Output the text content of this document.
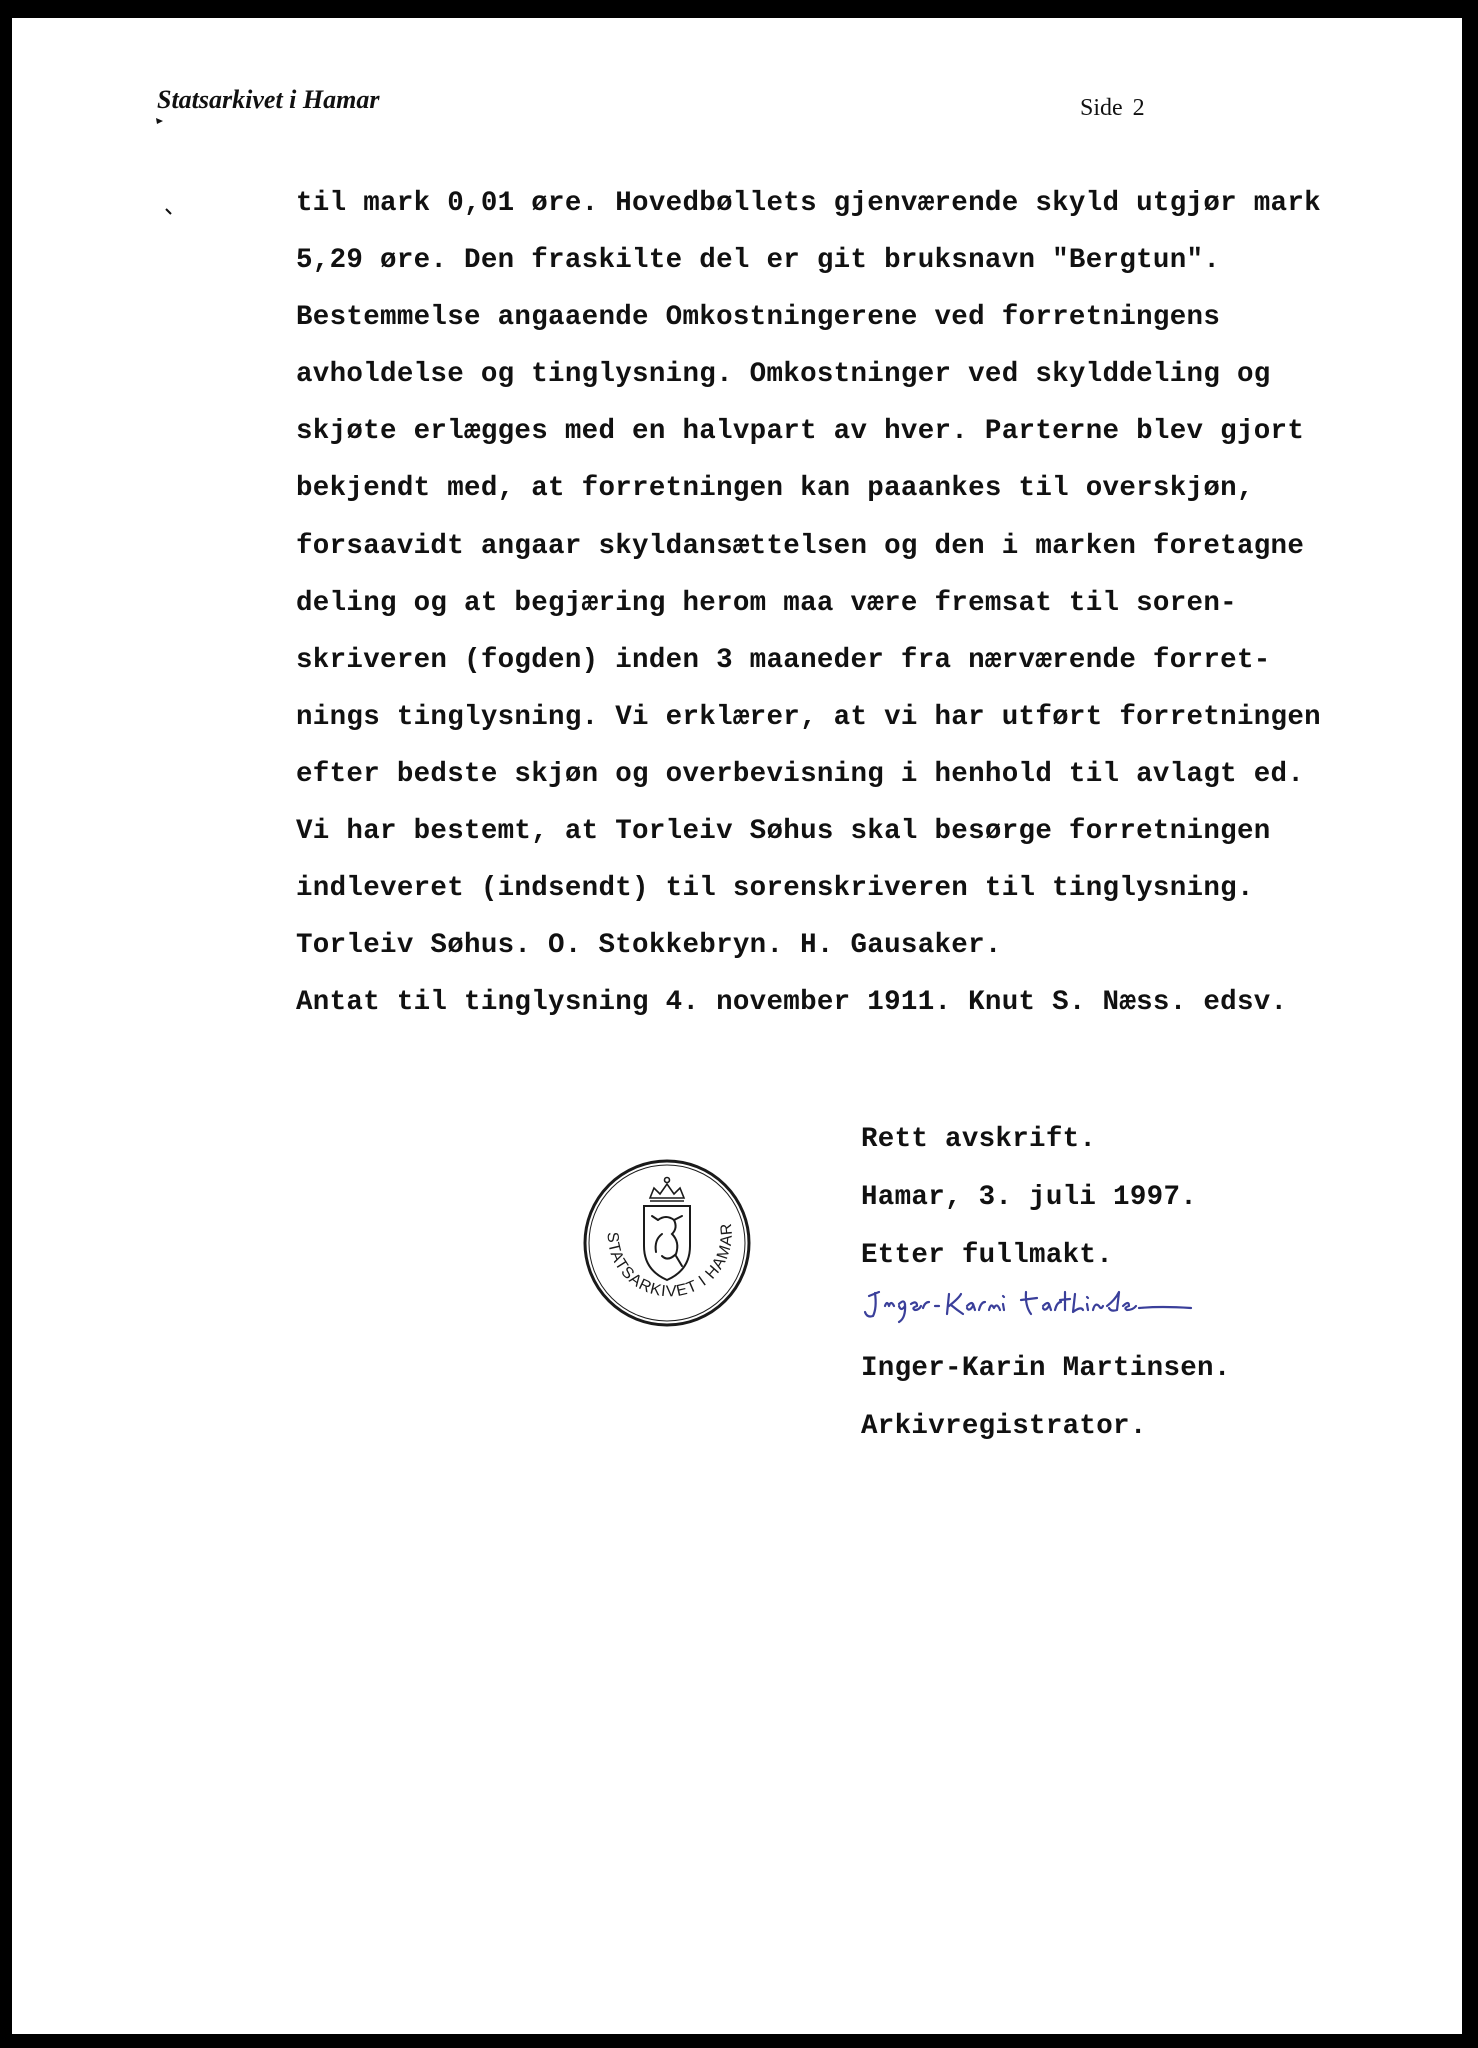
Statsarkivet i Hamar	Side 2
til mark 0,01 øre. Hovedbøllets gjenværende skyld utgjør mark
5,29 øre. Den fraskilte del er git bruksnavn "Bergtun".
Bestemmelse angaaende Omkostningerene ved forretningens
avholdelse og tinglysning. Omkostninger ved skylddeling og
skjøte erlægges med en halvpart av hver. Parterne blev gjort
bekjendt med, at forretningen kan paaankes til overskjøn,
forsaavidt angaar skyldansættelsen og den i marken foretagne
deling og at begjæring herom maa være fremsat til soren-
skriveren (fogden) inden 3 maaneder fra nærværende forret-
nings tinglysning. Vi erklærer, at vi har utført forretningen
efter bedste skjøn og overbevisning i henhold til avlagt ed.
Vi har bestemt, at Torleiv Søhus skal besørge forretningen
indleveret (indsendt) til sorenskriveren til tinglysning.
Torleiv Søhus. O. Stokkebryn. H. Gausaker.
Antat til tinglysning 4. november 1911. Knut S. Næss. edsv.
Rett avskrift.
Hamar, 3. juli 1997.
Etter fullmakt.
Inger-Karin Martinsen.
Arkivregistrator.
STATSARKIVET I HAMAR
